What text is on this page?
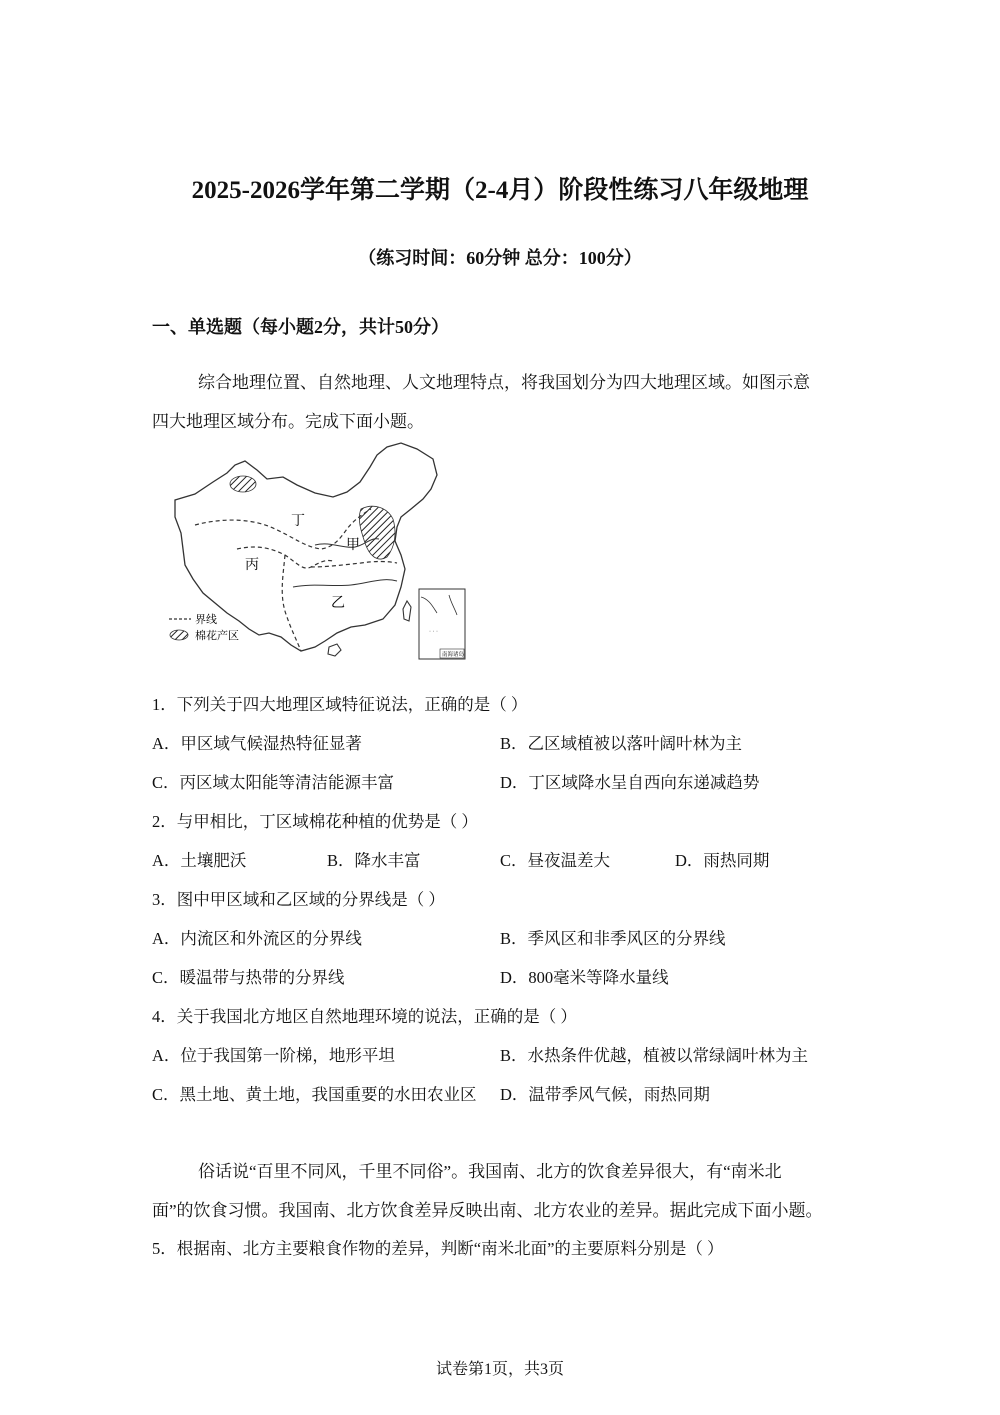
2025-2026学年第二学期（2-4月）阶段性练习八年级地理
（练习时间：60分钟 总分：100分）
一、单选题（每小题2分，共计50分）
综合地理位置、自然地理、人文地理特点，将我国划分为四大地理区域。如图示意
四大地理区域分布。完成下面小题。
丁
甲
丙
乙
界线
棉花产区	· · ·
南海诸岛
1．下列关于四大地理区域特征说法，正确的是（ ）
A．甲区域气候湿热特征显著	B．乙区域植被以落叶阔叶林为主
C．丙区域太阳能等清洁能源丰富	D．丁区域降水呈自西向东递减趋势
2．与甲相比，丁区域棉花种植的优势是（ ）
A．土壤肥沃	B．降水丰富	C．昼夜温差大	D．雨热同期
3．图中甲区域和乙区域的分界线是（ ）
A．内流区和外流区的分界线	B．季风区和非季风区的分界线
C．暖温带与热带的分界线	D．800毫米等降水量线
4．关于我国北方地区自然地理环境的说法，正确的是（ ）
A．位于我国第一阶梯，地形平坦	B．水热条件优越，植被以常绿阔叶林为主
C．黑土地、黄土地，我国重要的水田农业区 D．温带季风气候，雨热同期
俗话说“百里不同风，千里不同俗”。我国南、北方的饮食差异很大，有“南米北
面”的饮食习惯。我国南、北方饮食差异反映出南、北方农业的差异。据此完成下面小题。
5．根据南、北方主要粮食作物的差异，判断“南米北面”的主要原料分别是（ ）
试卷第1页，共3页
